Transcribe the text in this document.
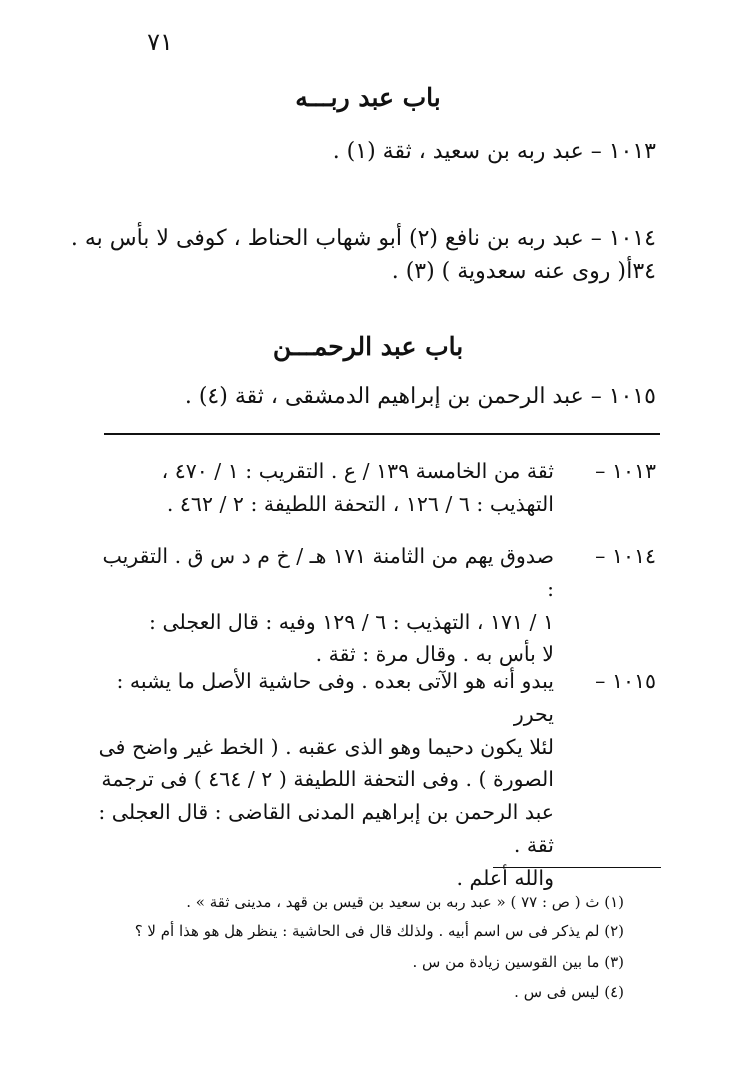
٧١
باب عبد ربـــه
١٠١٣ – عبد ربه بن سعيد ، ثقة (١) .
١٠١٤ – عبد ربه بن نافع (٢) أبو شهاب الحناط ، كوفى لا بأس به . ٣٤أ
( روى عنه سعدوية ) (٣) .
باب عبد الرحمـــن
١٠١٥ – عبد الرحمن بن إبراهيم الدمشقى ، ثقة (٤) .
١٠١٣ –
ثقة من الخامسة ١٣٩ / ع . التقريب : ١ / ٤٧٠ ،
التهذيب : ٦ / ١٢٦ ، التحفة اللطيفة : ٢ / ٤٦٢ .
١٠١٤ –
صدوق يهم من الثامنة ١٧١ هـ / خ م د س ق . التقريب :
١ / ١٧١ ، التهذيب : ٦ / ١٢٩ وفيه : قال العجلى :
لا بأس به . وقال مرة : ثقة .
١٠١٥ –
يبدو أنه هو الآتى بعده . وفى حاشية الأصل ما يشبه : يحرر
لئلا يكون دحيما وهو الذى عقبه . ( الخط غير واضح فى
الصورة ) . وفى التحفة اللطيفة ( ٢ / ٤٦٤ ) فى ترجمة
عبد الرحمن بن إبراهيم المدنى القاضى : قال العجلى : ثقة .
والله أعلم .
(١) ث ( ص : ٧٧ ) « عبد ربه بن سعيد بن قيس بن قهد ، مدينى ثقة » .
(٢) لم يذكر فى س اسم أبيه . ولذلك قال فى الحاشية : ينظر هل هو هذا أم لا ؟
(٣) ما بين القوسين زيادة من س .
(٤) ليس فى س .
